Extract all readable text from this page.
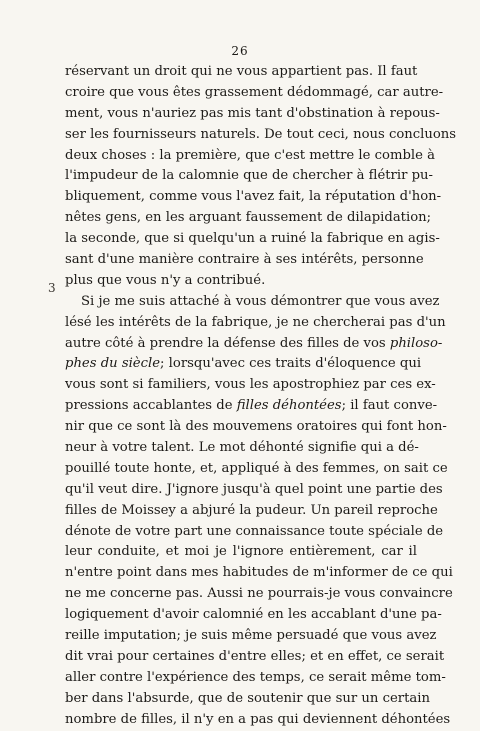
26
3
réservant un droit qui ne vous appartient pas. Il faut
croire que vous êtes grassement dédommagé, car autre-
ment, vous n'auriez pas mis tant d'obstination à repous-
ser les fournisseurs naturels. De tout ceci, nous concluons
deux choses : la première, que c'est mettre le comble à
l'impudeur de la calomnie que de chercher à flétrir pu-
bliquement, comme vous l'avez fait, la réputation d'hon-
nêtes gens, en les arguant faussement de dilapidation;
la seconde, que si quelqu'un a ruiné la fabrique en agis-
sant d'une manière contraire à ses intérêts, personne
plus que vous n'y a contribué.
Si je me suis attaché à vous démontrer que vous avez
lésé les intérêts de la fabrique, je ne chercherai pas d'un
autre côté à prendre la défense des filles de vos philoso-
phes du siècle; lorsqu'avec ces traits d'éloquence qui
vous sont si familiers, vous les apostrophiez par ces ex-
pressions accablantes de filles déhontées; il faut conve-
nir que ce sont là des mouvemens oratoires qui font hon-
neur à votre talent. Le mot déhonté signifie qui a dé-
pouillé toute honte, et, appliqué à des femmes, on sait ce
qu'il veut dire. J'ignore jusqu'à quel point une partie des
filles de Moissey a abjuré la pudeur. Un pareil reproche
dénote de votre part une connaissance toute spéciale de
leur conduite, et moi je l'ignore entièrement, car il
n'entre point dans mes habitudes de m'informer de ce qui
ne me concerne pas. Aussi ne pourrais-je vous convaincre
logiquement d'avoir calomnié en les accablant d'une pa-
reille imputation; je suis même persuadé que vous avez
dit vrai pour certaines d'entre elles; et en effet, ce serait
aller contre l'expérience des temps, ce serait même tom-
ber dans l'absurde, que de soutenir que sur un certain
nombre de filles, il n'y en a pas qui deviennent déhontées
